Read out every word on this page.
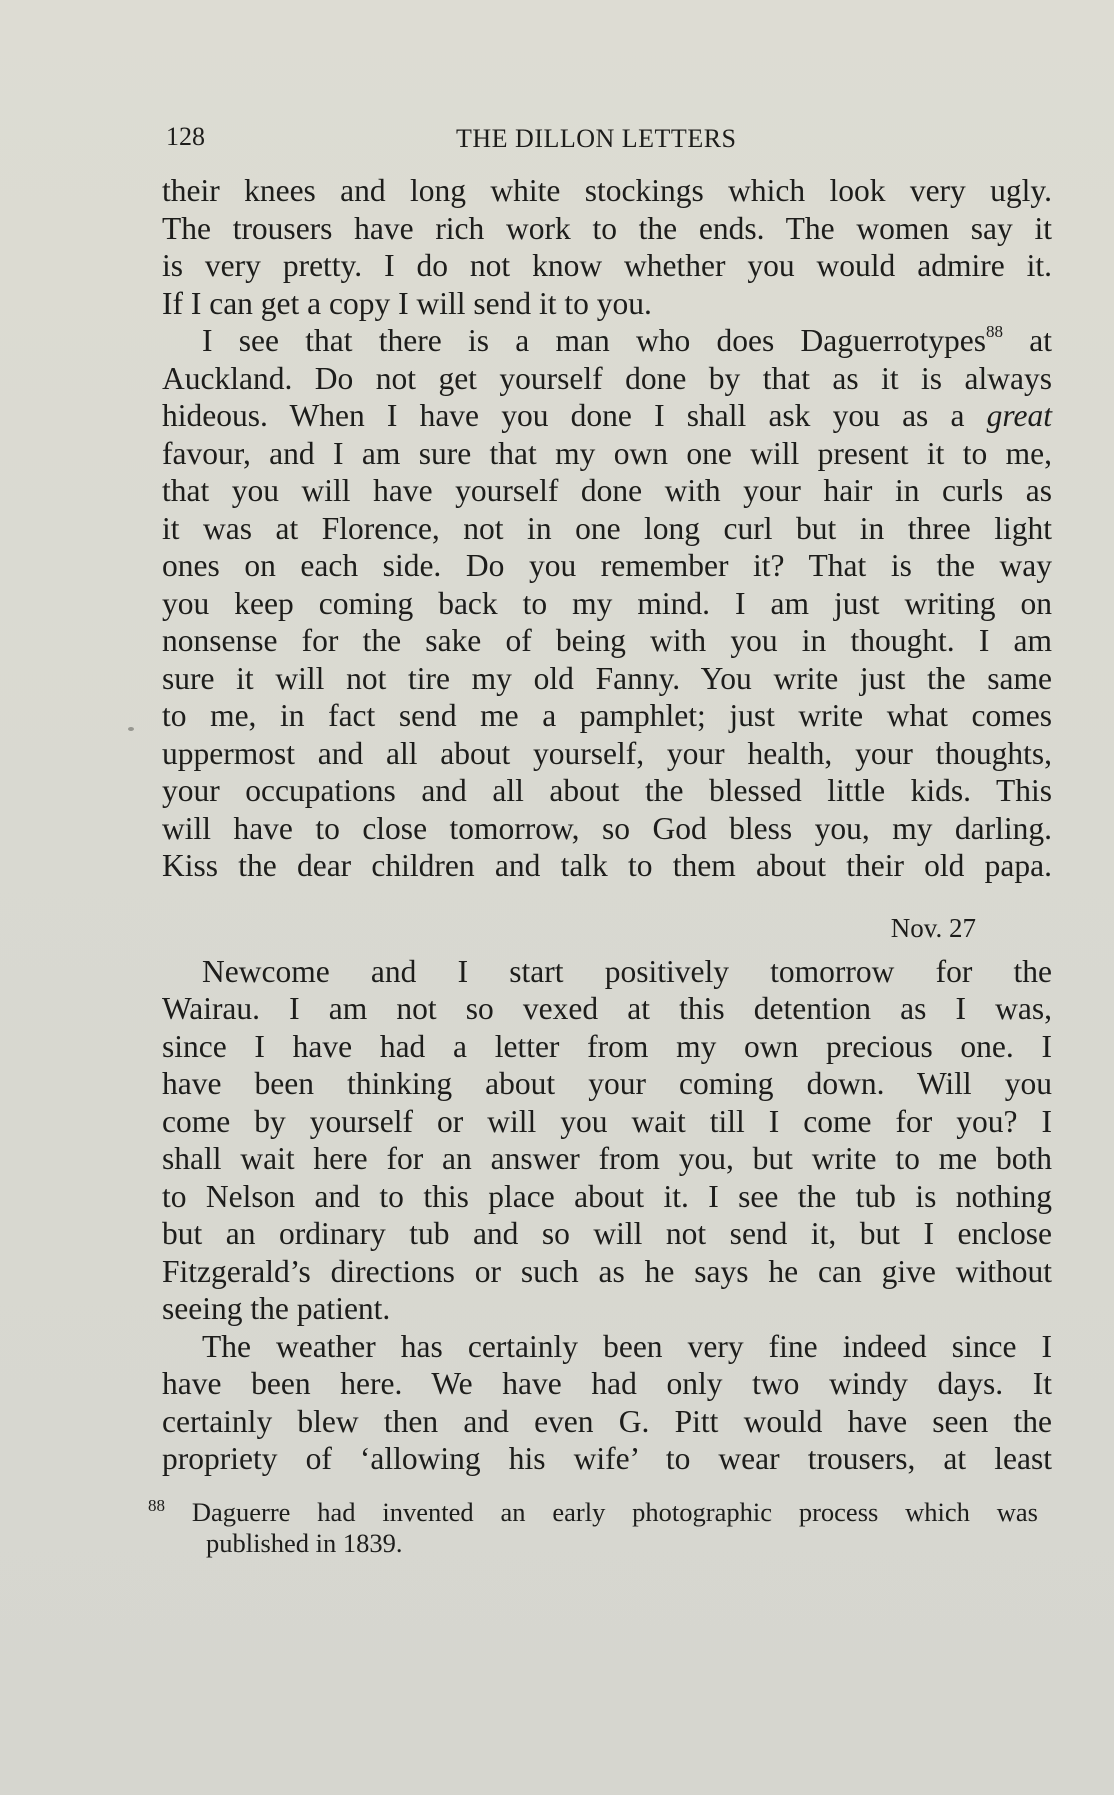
128	THE DILLON LETTERS
their knees and long white stockings which look very ugly.
The trousers have rich work to the ends. The women say it
is very pretty. I do not know whether you would admire it.
If I can get a copy I will send it to you.
I see that there is a man who does Daguerrotypes$^{88}$ at
Auckland. Do not get yourself done by that as it is always
hideous. When I have you done I shall ask you as a great
favour, and I am sure that my own one will present it to me,
that you will have yourself done with your hair in curls as
it was at Florence, not in one long curl but in three light
ones on each side. Do you remember it? That is the way
you keep coming back to my mind. I am just writing on
nonsense for the sake of being with you in thought. I am
sure it will not tire my old Fanny. You write just the same
to me, in fact send me a pamphlet; just write what comes
uppermost and all about yourself, your health, your thoughts,
your occupations and all about the blessed little kids. This
will have to close tomorrow, so God bless you, my darling.
Kiss the dear children and talk to them about their old papa.
Nov. 27
Newcome and I start positively tomorrow for the
Wairau. I am not so vexed at this detention as I was,
since I have had a letter from my own precious one. I
have been thinking about your coming down. Will you
come by yourself or will you wait till I come for you? I
shall wait here for an answer from you, but write to me both
to Nelson and to this place about it. I see the tub is nothing
but an ordinary tub and so will not send it, but I enclose
Fitzgerald’s directions or such as he says he can give without
seeing the patient.
The weather has certainly been very fine indeed since I
have been here. We have had only two windy days. It
certainly blew then and even G. Pitt would have seen the
propriety of ‘allowing his wife’ to wear trousers, at least
$^{88}$ Daguerre had invented an early photographic process which was
published in 1839.
